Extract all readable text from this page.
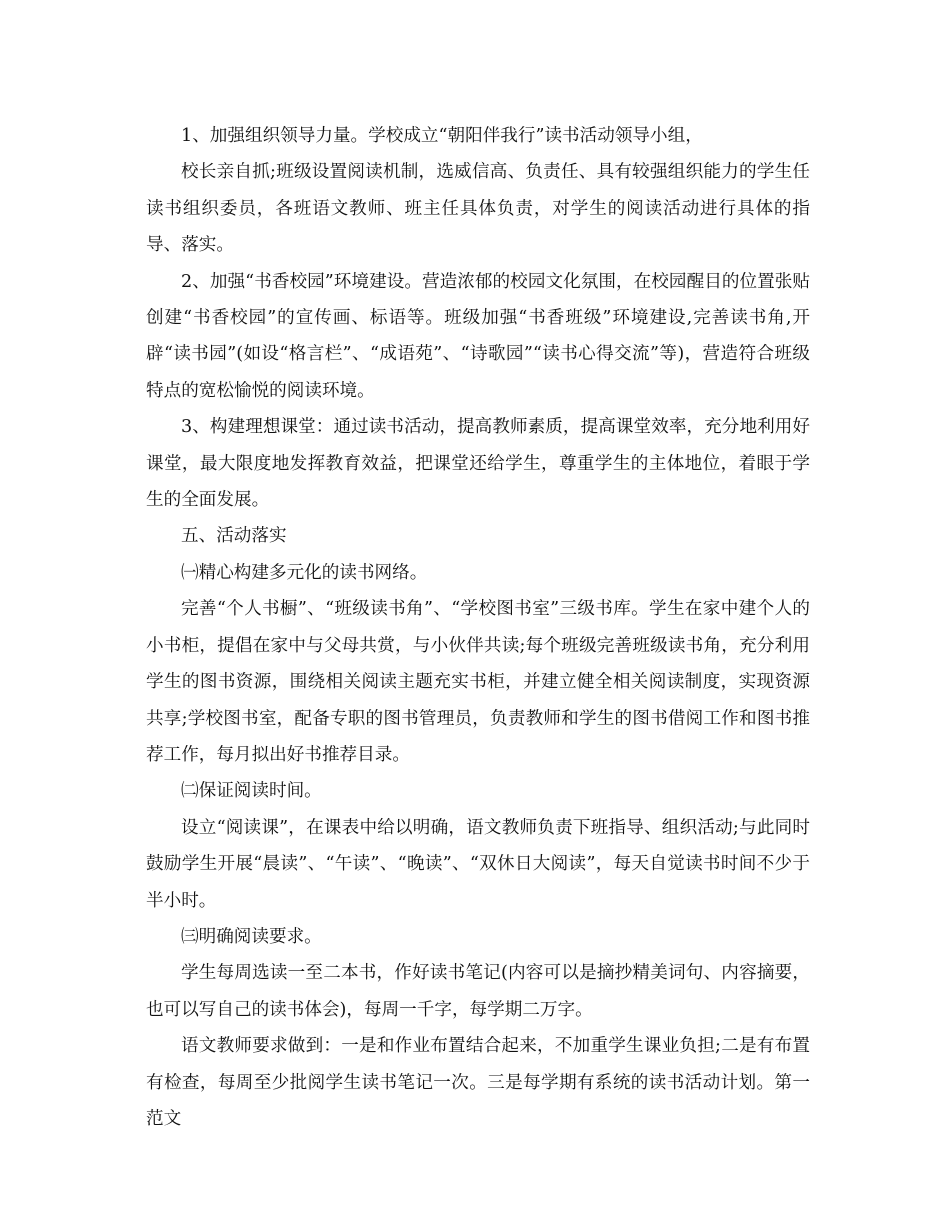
1、加强组织领导力量。学校成立“朝阳伴我行”读书活动领导小组，

校长亲自抓;班级设置阅读机制，选威信高、负责任、具有较强组织能力的学生任读书组织委员，各班语文教师、班主任具体负责，对学生的阅读活动进行具体的指导、落实。

2、加强“书香校园”环境建设。营造浓郁的校园文化氛围，在校园醒目的位置张贴创建“书香校园”的宣传画、标语等。班级加强“书香班级”环境建设,完善读书角,开辟“读书园”(如设“格言栏”、“成语苑”、“诗歌园”“读书心得交流”等)，营造符合班级特点的宽松愉悦的阅读环境。

3、构建理想课堂：通过读书活动，提高教师素质，提高课堂效率，充分地利用好课堂，最大限度地发挥教育效益，把课堂还给学生，尊重学生的主体地位，着眼于学生的全面发展。

五、活动落实

㈠精心构建多元化的读书网络。

完善“个人书橱”、“班级读书角”、“学校图书室”三级书库。学生在家中建个人的小书柜，提倡在家中与父母共赏，与小伙伴共读;每个班级完善班级读书角，充分利用学生的图书资源，围绕相关阅读主题充实书柜，并建立健全相关阅读制度，实现资源共享;学校图书室，配备专职的图书管理员，负责教师和学生的图书借阅工作和图书推荐工作，每月拟出好书推荐目录。

㈡保证阅读时间。

设立“阅读课”，在课表中给以明确，语文教师负责下班指导、组织活动;与此同时鼓励学生开展“晨读”、“午读”、“晚读”、“双休日大阅读”，每天自觉读书时间不少于半小时。

㈢明确阅读要求。

学生每周选读一至二本书，作好读书笔记(内容可以是摘抄精美词句、内容摘要，也可以写自己的读书体会)，每周一千字，每学期二万字。

语文教师要求做到：一是和作业布置结合起来，不加重学生课业负担;二是有布置有检查，每周至少批阅学生读书笔记一次。三是每学期有系统的读书活动计划。第一范文
